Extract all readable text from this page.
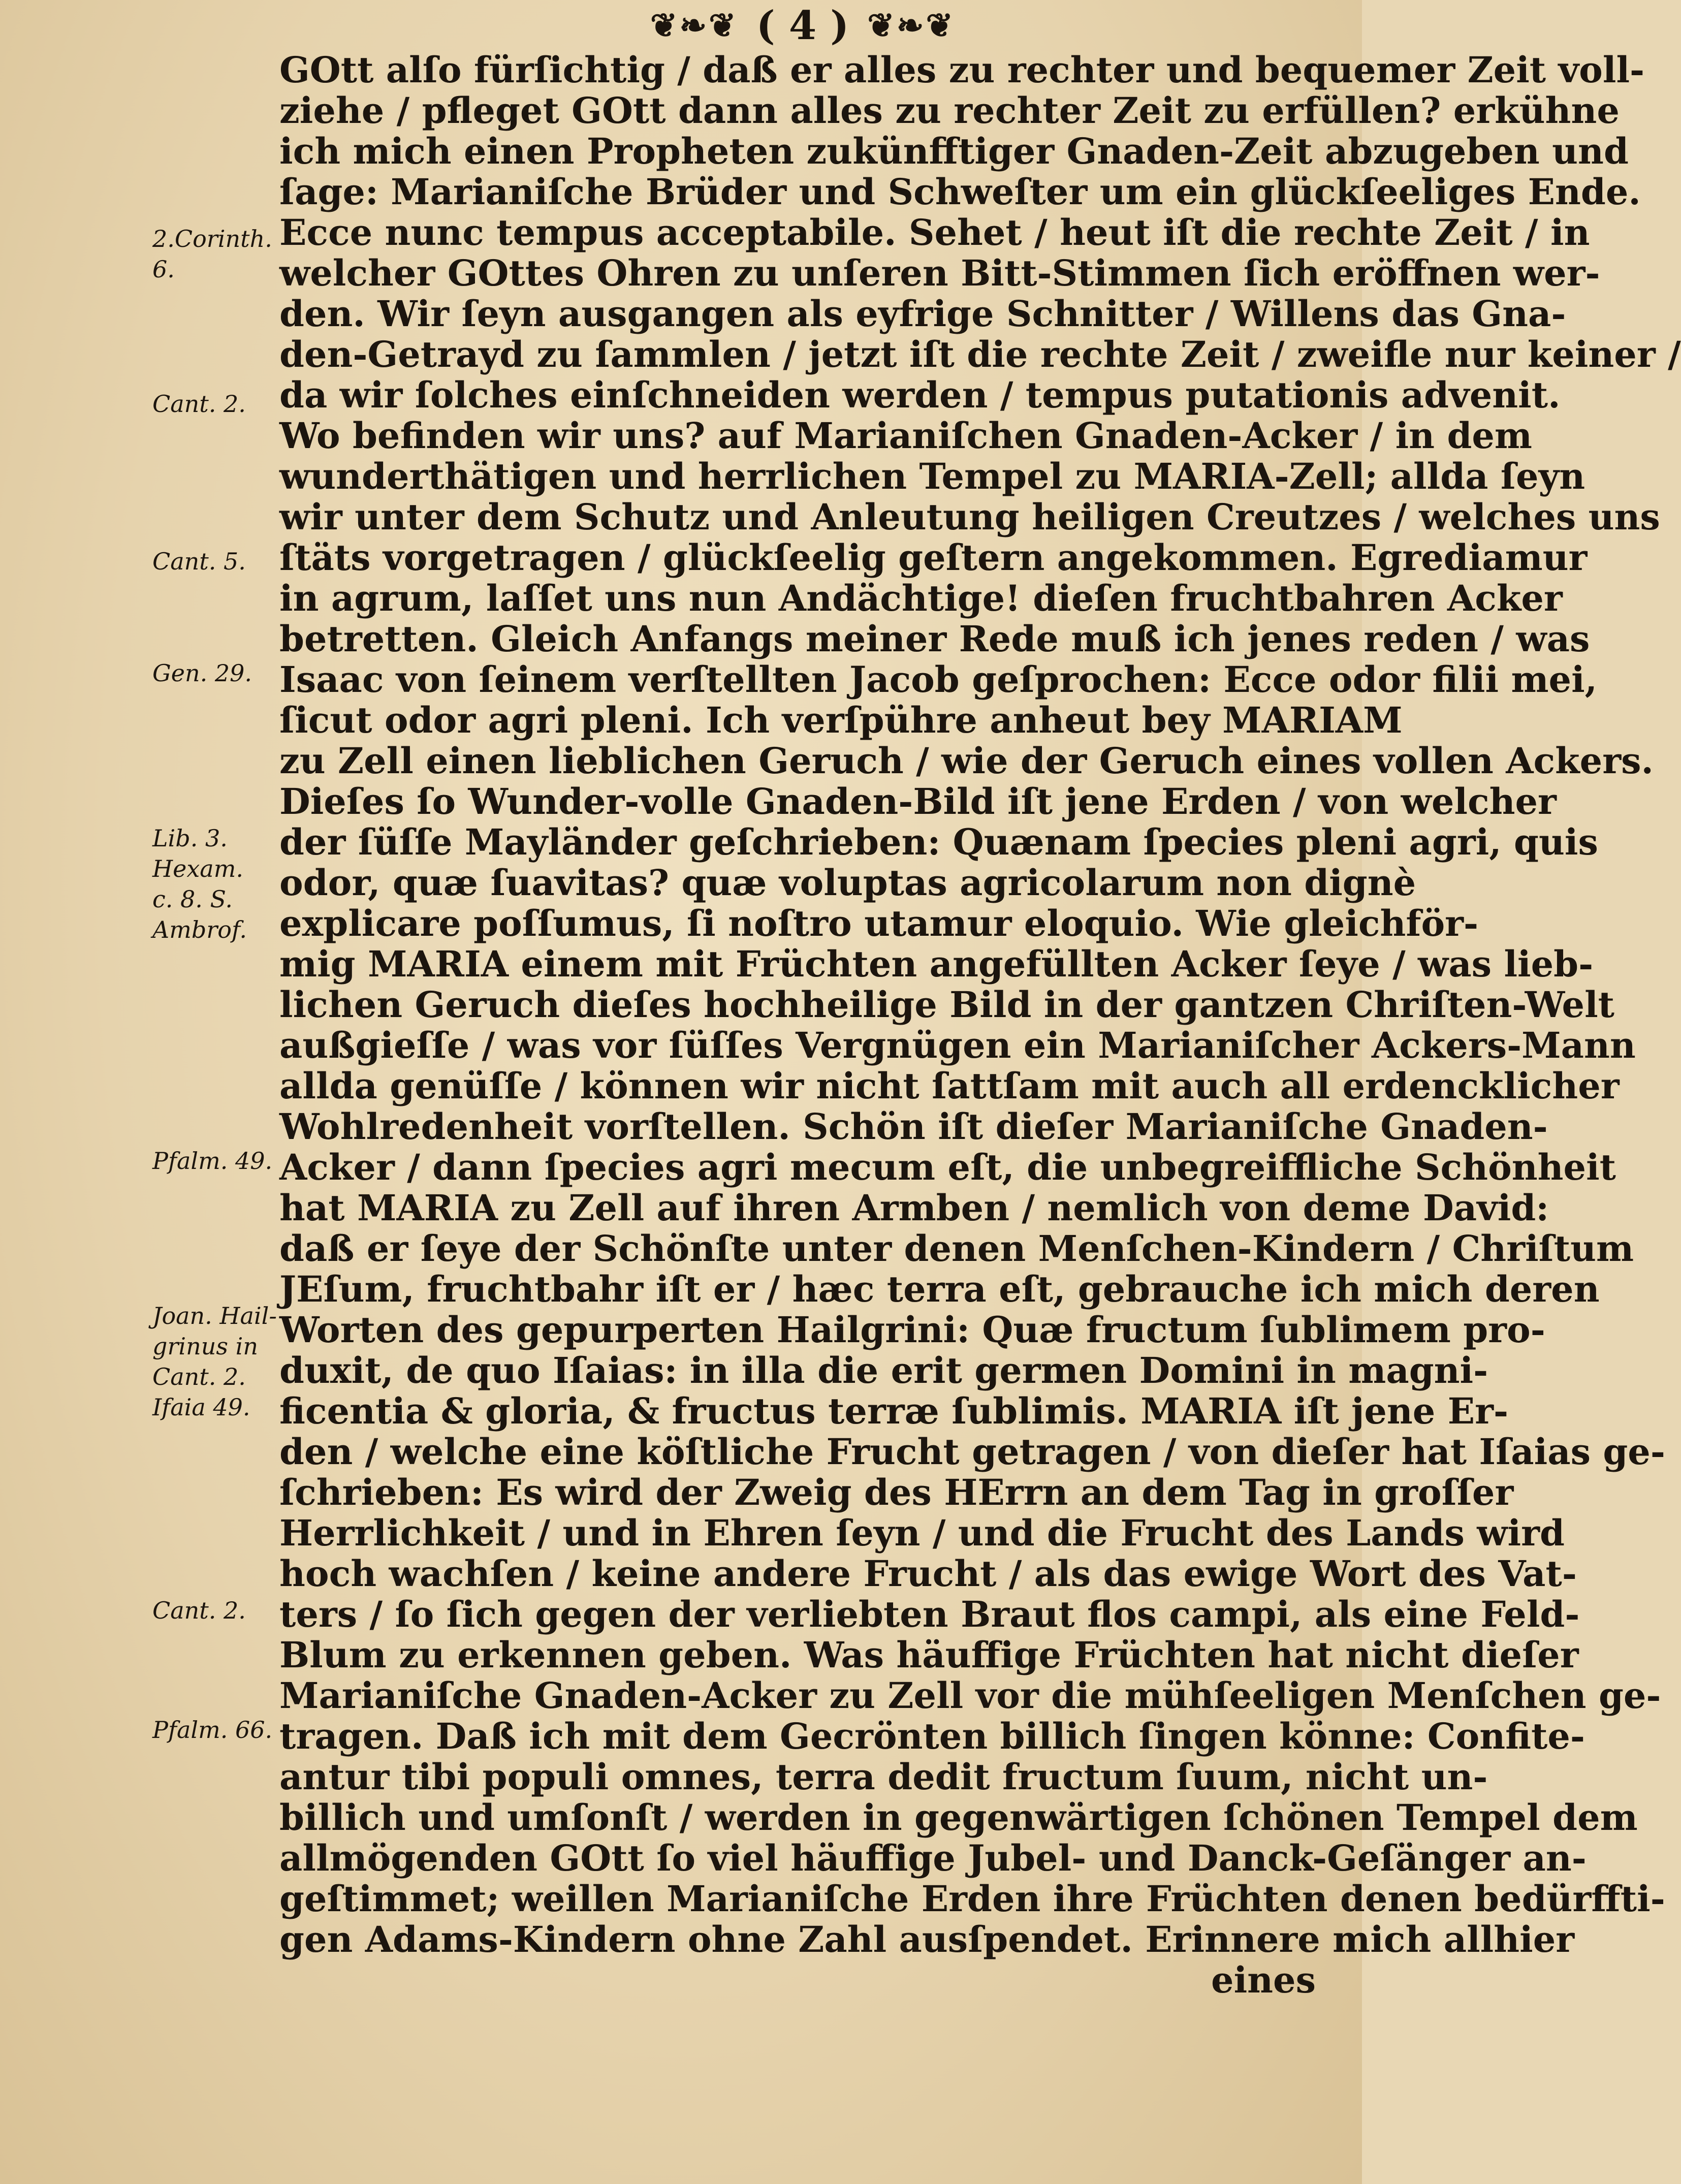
❦❧❦ ( 4 ) ❦❧❦
2.Corinth.
6.
Cant. 2.
Cant. 5.
Gen. 29.
Lib. 3.
Hexam.
c. 8. S.
Ambrof.
Pfalm. 49.
Joan. Hail-
grinus in
Cant. 2.
Ifaia 49.
Cant. 2.
Pfalm. 66.
GOtt alſo fürſichtig / daß er alles zu rechter und bequemer Zeit voll-
ziehe / pfleget GOtt dann alles zu rechter Zeit zu erfüllen? erkühne
ich mich einen Propheten zukünfftiger Gnaden-Zeit abzugeben und
ſage: Marianiſche Brüder und Schweſter um ein glückſeeliges Ende.
Ecce nunc tempus acceptabile. Sehet / heut iſt die rechte Zeit / in
welcher GOttes Ohren zu unſeren Bitt-Stimmen ſich eröffnen wer-
den. Wir ſeyn ausgangen als eyfrige Schnitter / Willens das Gna-
den-Getrayd zu ſammlen / jetzt iſt die rechte Zeit / zweifle nur keiner /
da wir ſolches einſchneiden werden / tempus putationis advenit.
Wo befinden wir uns? auf Marianiſchen Gnaden-Acker / in dem
wunderthätigen und herrlichen Tempel zu MARIA-Zell; allda ſeyn
wir unter dem Schutz und Anleutung heiligen Creutzes / welches uns
ſtäts vorgetragen / glückſeelig geſtern angekommen. Egrediamur
in agrum, laſſet uns nun Andächtige! dieſen fruchtbahren Acker
betretten. Gleich Anfangs meiner Rede muß ich jenes reden / was
Isaac von ſeinem verſtellten Jacob geſprochen: Ecce odor filii mei,
ſicut odor agri pleni. Ich verſpühre anheut bey MARIAM
zu Zell einen lieblichen Geruch / wie der Geruch eines vollen Ackers.
Dieſes ſo Wunder-volle Gnaden-Bild iſt jene Erden / von welcher
der ſüſſe Mayländer geſchrieben: Quænam ſpecies pleni agri, quis
odor, quæ ſuavitas? quæ voluptas agricolarum non dignè
explicare poſſumus, ſi noſtro utamur eloquio. Wie gleichför-
mig MARIA einem mit Früchten angefüllten Acker ſeye / was lieb-
lichen Geruch dieſes hochheilige Bild in der gantzen Chriſten-Welt
außgieſſe / was vor ſüſſes Vergnügen ein Marianiſcher Ackers-Mann
allda genüſſe / können wir nicht ſattſam mit auch all erdencklicher
Wohlredenheit vorſtellen. Schön iſt dieſer Marianiſche Gnaden-
Acker / dann ſpecies agri mecum eſt, die unbegreiffliche Schönheit
hat MARIA zu Zell auf ihren Armben / nemlich von deme David:
daß er ſeye der Schönſte unter denen Menſchen-Kindern / Chriſtum
JEſum, fruchtbahr iſt er / hæc terra eſt, gebrauche ich mich deren
Worten des gepurperten Hailgrini: Quæ fructum ſublimem pro-
duxit, de quo Iſaias: in illa die erit germen Domini in magni-
ficentia & gloria, & fructus terræ ſublimis. MARIA iſt jene Er-
den / welche eine köſtliche Frucht getragen / von dieſer hat Iſaias ge-
ſchrieben: Es wird der Zweig des HErrn an dem Tag in groſſer
Herrlichkeit / und in Ehren ſeyn / und die Frucht des Lands wird
hoch wachſen / keine andere Frucht / als das ewige Wort des Vat-
ters / ſo ſich gegen der verliebten Braut flos campi, als eine Feld-
Blum zu erkennen geben. Was häuffige Früchten hat nicht dieſer
Marianiſche Gnaden-Acker zu Zell vor die mühſeeligen Menſchen ge-
tragen. Daß ich mit dem Gecrönten billich ſingen könne: Confite-
antur tibi populi omnes, terra dedit fructum ſuum, nicht un-
billich und umſonſt / werden in gegenwärtigen ſchönen Tempel dem
allmögenden GOtt ſo viel häuffige Jubel- und Danck-Geſänger an-
geſtimmet; weillen Marianiſche Erden ihre Früchten denen bedürffti-
gen Adams-Kindern ohne Zahl ausſpendet. Erinnere mich allhier
eines
